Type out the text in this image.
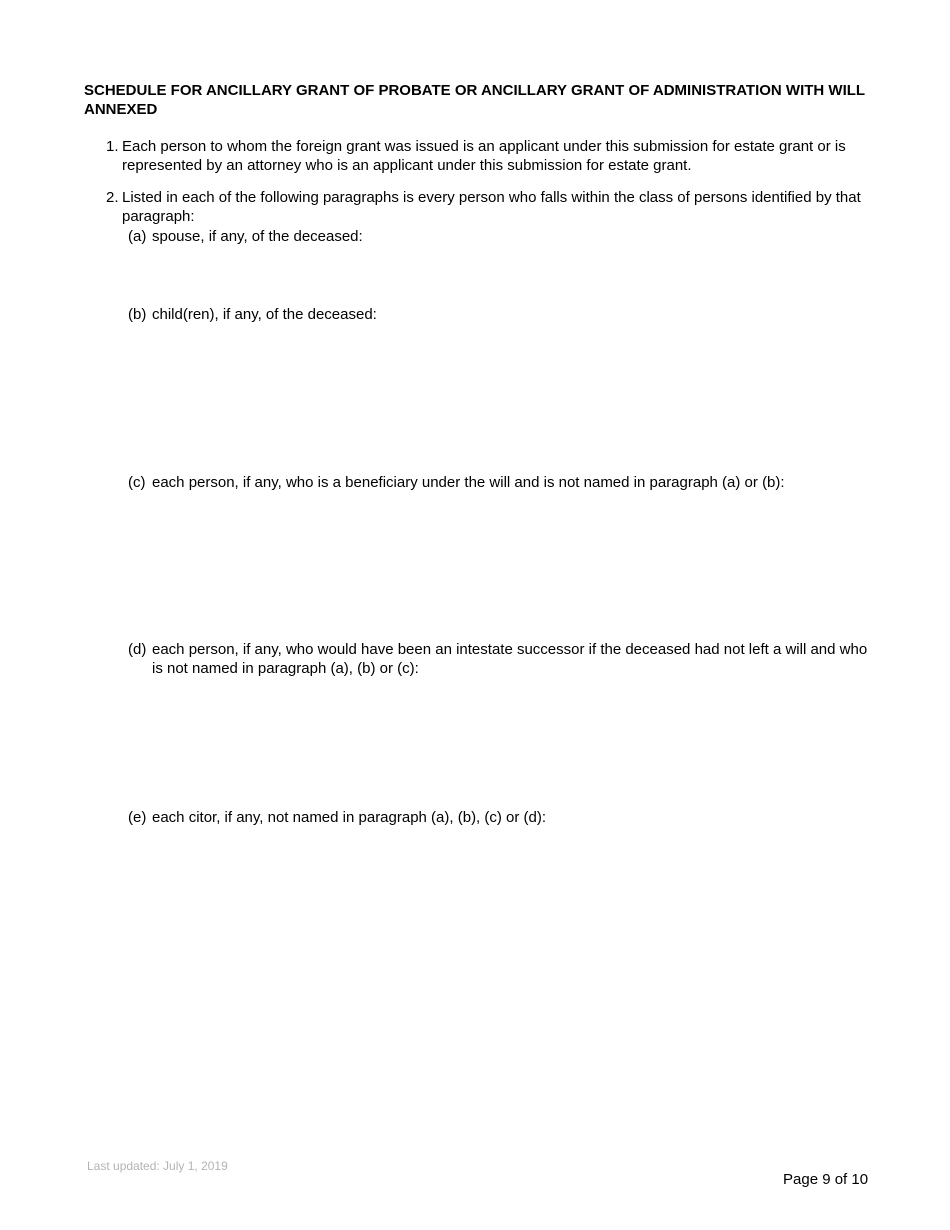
SCHEDULE FOR ANCILLARY GRANT OF PROBATE OR ANCILLARY GRANT OF ADMINISTRATION WITH WILL ANNEXED
1. Each person to whom the foreign grant was issued is an applicant under this submission for estate grant or is represented by an attorney who is an applicant under this submission for estate grant.
2. Listed in each of the following paragraphs is every person who falls within the class of persons identified by that paragraph:
(a) spouse, if any, of the deceased:
(b) child(ren), if any, of the deceased:
(c) each person, if any, who is a beneficiary under the will and is not named in paragraph (a) or (b):
(d) each person, if any, who would have been an intestate successor if the deceased had not left a will and who is not named in paragraph (a), (b) or (c):
(e) each citor, if any, not named in paragraph (a), (b), (c) or (d):
Last updated: July 1, 2019
Page 9 of 10
